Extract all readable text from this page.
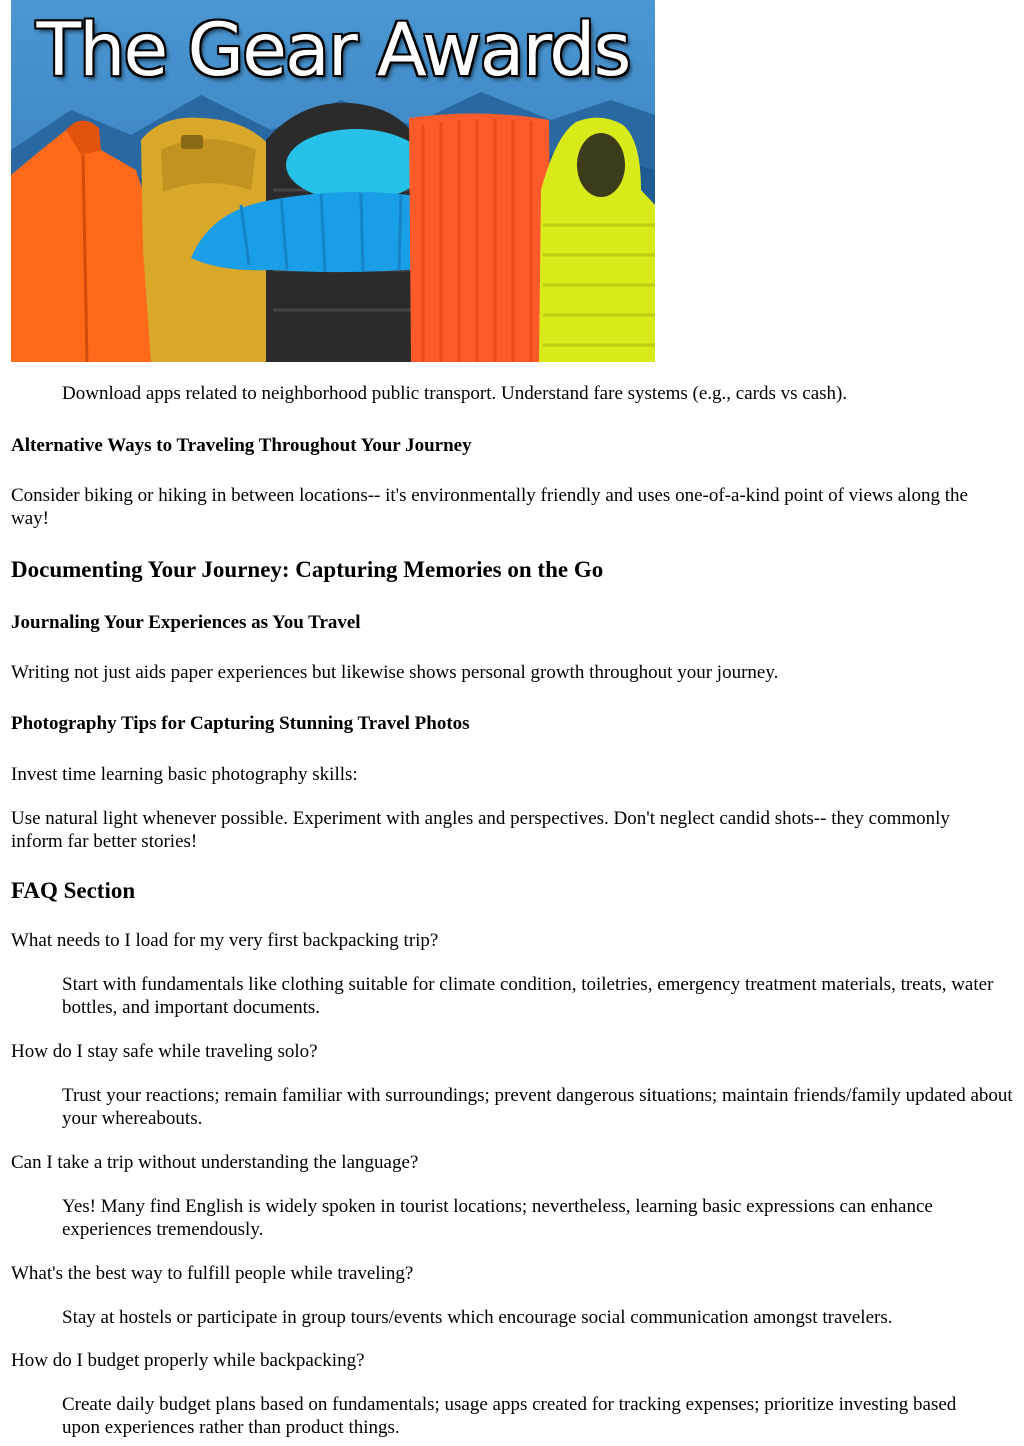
The Gear Awards

Download apps related to neighborhood public transport. Understand fare systems (e.g., cards vs cash).

Alternative Ways to Traveling Throughout Your Journey

Consider biking or hiking in between locations-- it's environmentally friendly and uses one-of-a-kind point of views along the way!

Documenting Your Journey: Capturing Memories on the Go
Journaling Your Experiences as You Travel

Writing not just aids paper experiences but likewise shows personal growth throughout your journey.

Photography Tips for Capturing Stunning Travel Photos

Invest time learning basic photography skills:

Use natural light whenever possible. Experiment with angles and perspectives. Don't neglect candid shots-- they commonly inform far better stories!

FAQ Section

What needs to I load for my very first backpacking trip?

Start with fundamentals like clothing suitable for climate condition, toiletries, emergency treatment materials, treats, water bottles, and important documents.

How do I stay safe while traveling solo?

Trust your reactions; remain familiar with surroundings; prevent dangerous situations; maintain friends/family updated about your whereabouts.

Can I take a trip without understanding the language?

Yes! Many find English is widely spoken in tourist locations; nevertheless, learning basic expressions can enhance experiences tremendously.

What's the best way to fulfill people while traveling?

Stay at hostels or participate in group tours/events which encourage social communication amongst travelers.

How do I budget properly while backpacking?

Create daily budget plans based on fundamentals; usage apps created for tracking expenses; prioritize investing based upon experiences rather than product things.
